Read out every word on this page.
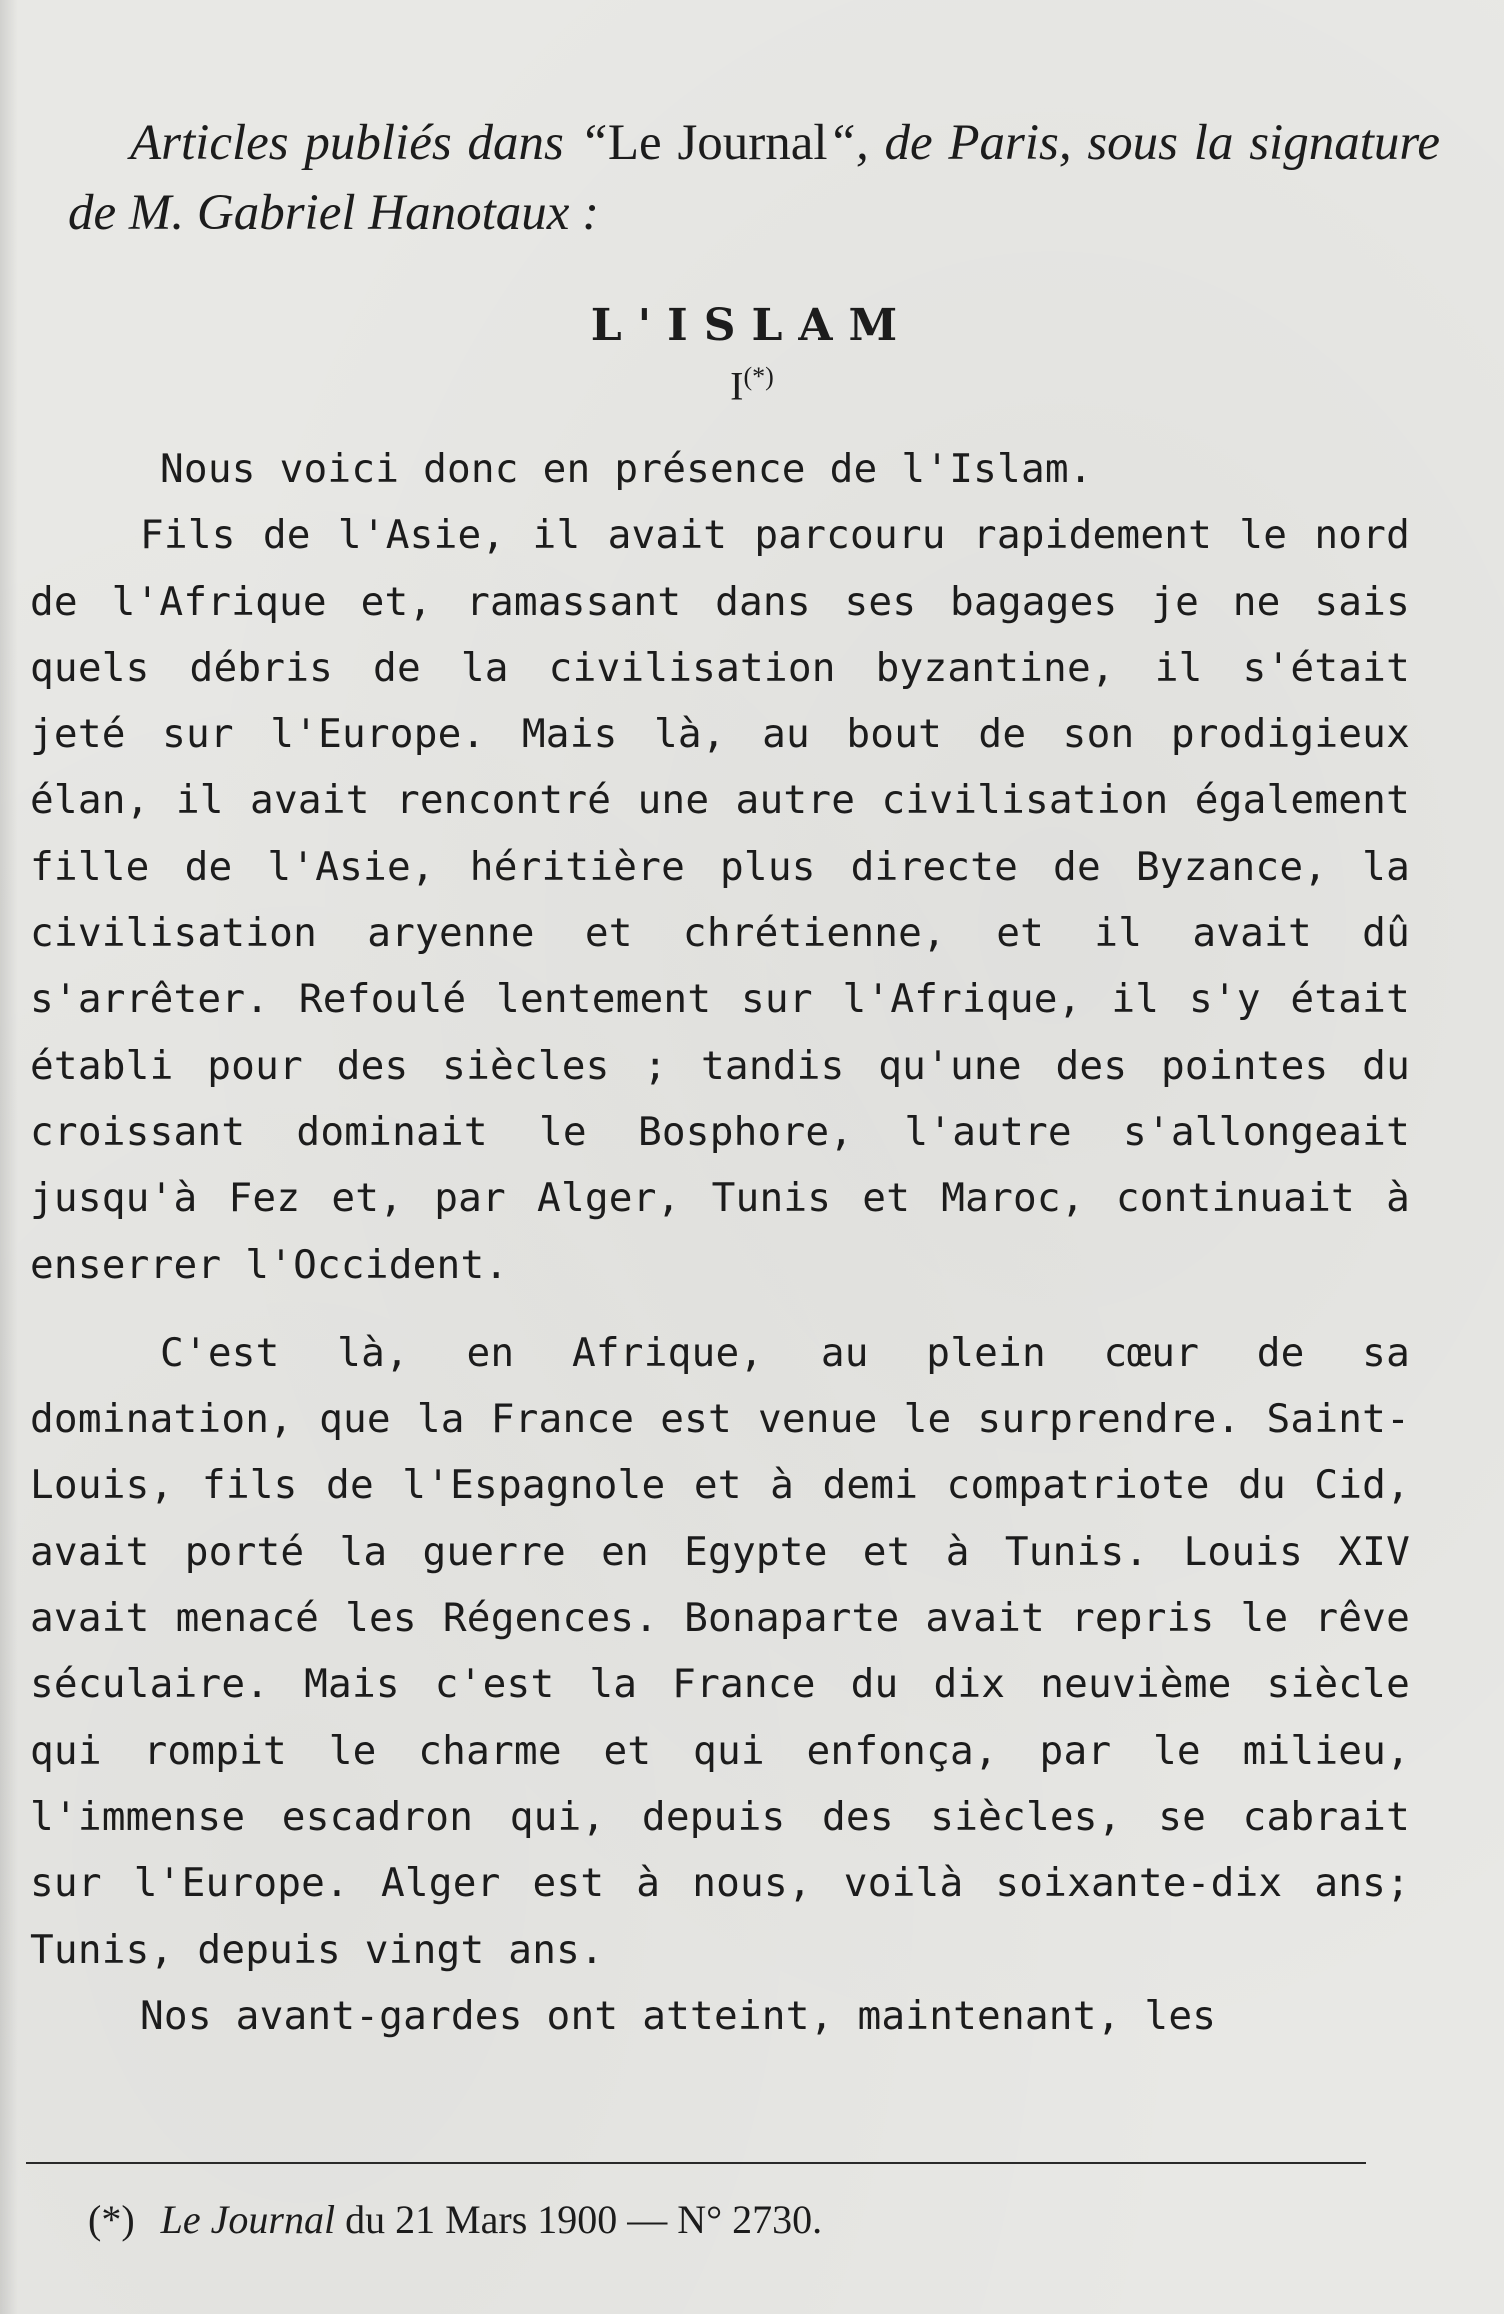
Articles publiés dans “Le Journal“, de Paris, sous la signature de M. Gabriel Hanotaux :

L'ISLAM
I(*)

Nous voici donc en présence de l'Islam.

Fils de l'Asie, il avait parcouru rapidement le nord de l'Afrique et, ramassant dans ses bagages je ne sais quels débris de la civilisation byzantine, il s'était jeté sur l'Europe. Mais là, au bout de son prodigieux élan, il avait rencontré une autre civilisation également fille de l'Asie, héritière plus directe de Byzance, la civilisation aryenne et chrétienne, et il avait dû s'arrêter. Refoulé lentement sur l'Afrique, il s'y était établi pour des siècles ; tandis qu'une des pointes du croissant dominait le Bosphore, l'autre s'allongeait jusqu'à Fez et, par Alger, Tunis et Maroc, continuait à enserrer l'Occident.

C'est là, en Afrique, au plein cœur de sa domination, que la France est venue le surprendre. Saint-Louis, fils de l'Espagnole et à demi compatriote du Cid, avait porté la guerre en Egypte et à Tunis. Louis XIV avait menacé les Régences. Bonaparte avait repris le rêve séculaire. Mais c'est la France du dix neuvième siècle qui rompit le charme et qui enfonça, par le milieu, l'immense escadron qui, depuis des siècles, se cabrait sur l'Europe. Alger est à nous, voilà soixante-dix ans; Tunis, depuis vingt ans.

Nos avant-gardes ont atteint, maintenant, les

(*) Le Journal du 21 Mars 1900 — N° 2730.
